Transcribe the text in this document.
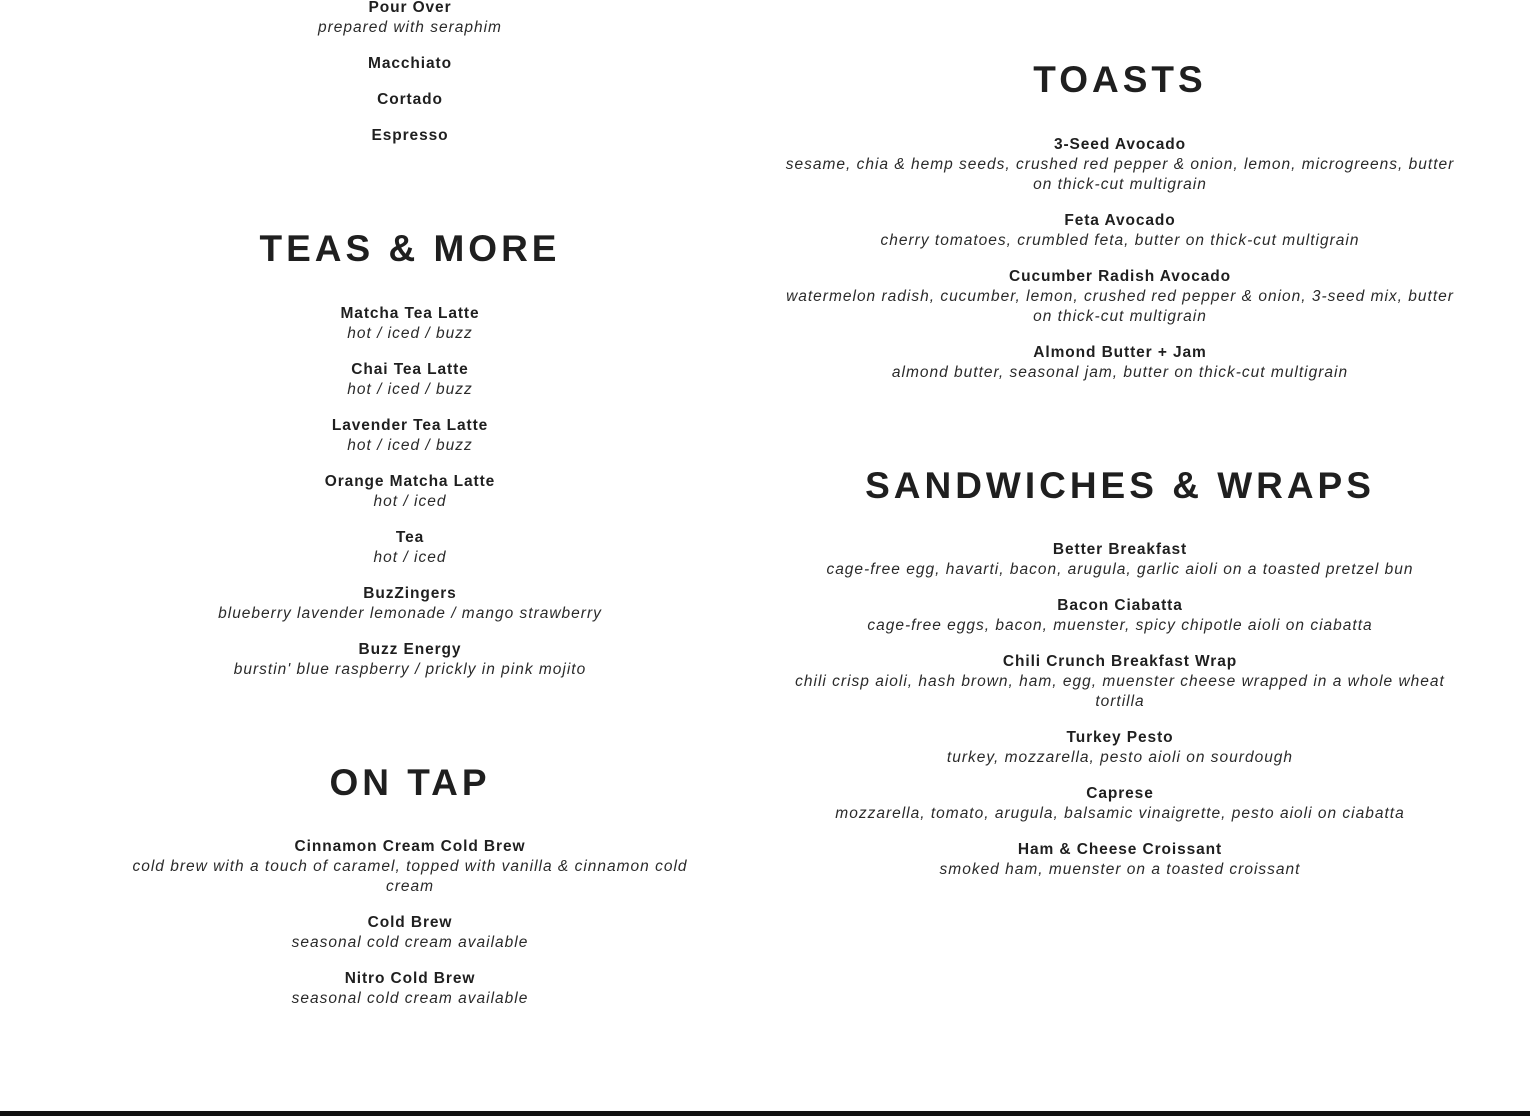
Pour Over
prepared with seraphim
Macchiato
Cortado
Espresso
TEAS & MORE
Matcha Tea Latte
hot / iced / buzz
Chai Tea Latte
hot / iced / buzz
Lavender Tea Latte
hot / iced / buzz
Orange Matcha Latte
hot / iced
Tea
hot / iced
BuzZingers
blueberry lavender lemonade / mango strawberry
Buzz Energy
burstin' blue raspberry / prickly in pink mojito
ON TAP
Cinnamon Cream Cold Brew
cold brew with a touch of caramel, topped with vanilla & cinnamon cold cream
Cold Brew
seasonal cold cream available
Nitro Cold Brew
seasonal cold cream available
TOASTS
3-Seed Avocado
sesame, chia & hemp seeds, crushed red pepper & onion, lemon, microgreens, butter on thick-cut multigrain
Feta Avocado
cherry tomatoes, crumbled feta, butter on thick-cut multigrain
Cucumber Radish Avocado
watermelon radish, cucumber, lemon, crushed red pepper & onion, 3-seed mix, butter on thick-cut multigrain
Almond Butter + Jam
almond butter, seasonal jam, butter on thick-cut multigrain
SANDWICHES & WRAPS
Better Breakfast
cage-free egg, havarti, bacon, arugula, garlic aioli on a toasted pretzel bun
Bacon Ciabatta
cage-free eggs, bacon, muenster, spicy chipotle aioli on ciabatta
Chili Crunch Breakfast Wrap
chili crisp aioli, hash brown, ham, egg, muenster cheese wrapped in a whole wheat tortilla
Turkey Pesto
turkey, mozzarella, pesto aioli on sourdough
Caprese
mozzarella, tomato, arugula, balsamic vinaigrette, pesto aioli on ciabatta
Ham & Cheese Croissant
smoked ham, muenster on a toasted croissant
